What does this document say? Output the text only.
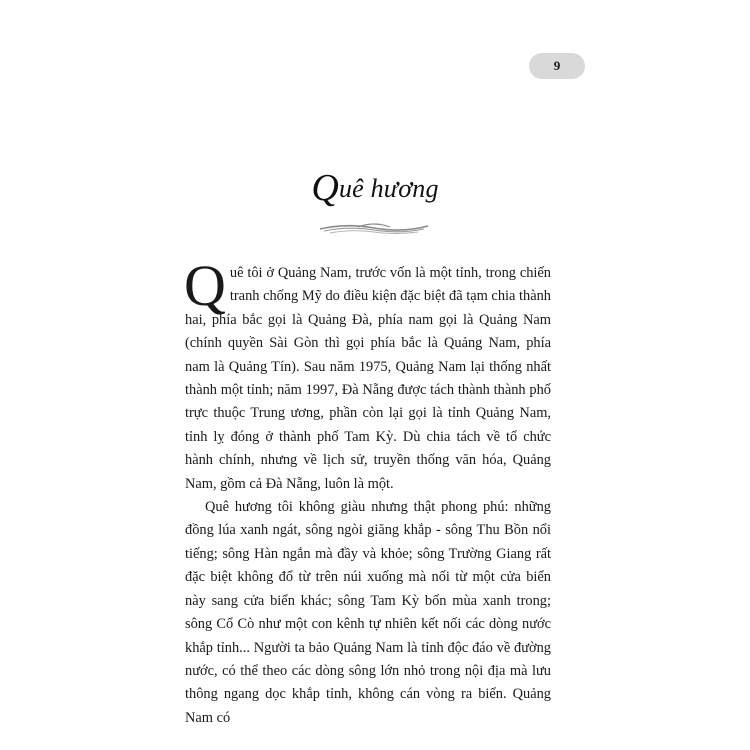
9
Quê hương

Quê tôi ở Quảng Nam, trước vốn là một tỉnh, trong chiến tranh chống Mỹ do điều kiện đặc biệt đã tạm chia thành hai, phía bắc gọi là Quảng Đà, phía nam gọi là Quảng Nam (chính quyền Sài Gòn thì gọi phía bắc là Quảng Nam, phía nam là Quảng Tín). Sau năm 1975, Quảng Nam lại thống nhất thành một tỉnh; năm 1997, Đà Nẵng được tách thành thành phố trực thuộc Trung ương, phần còn lại gọi là tỉnh Quảng Nam, tỉnh lỵ đóng ở thành phố Tam Kỳ. Dù chia tách về tổ chức hành chính, nhưng về lịch sử, truyền thống văn hóa, Quảng Nam, gồm cả Đà Nẵng, luôn là một.

Quê hương tôi không giàu nhưng thật phong phú: những đồng lúa xanh ngát, sông ngòi giăng khắp - sông Thu Bồn nổi tiếng; sông Hàn ngắn mà đầy và khỏe; sông Trường Giang rất đặc biệt không đổ từ trên núi xuống mà nối từ một cửa biển này sang cửa biển khác; sông Tam Kỳ bốn mùa xanh trong; sông Cổ Cò như một con kênh tự nhiên kết nối các dòng nước khắp tỉnh... Người ta bảo Quảng Nam là tỉnh độc đáo về đường nước, có thể theo các dòng sông lớn nhỏ trong nội địa mà lưu thông ngang dọc khắp tỉnh, không cán vòng ra biển. Quảng Nam có
